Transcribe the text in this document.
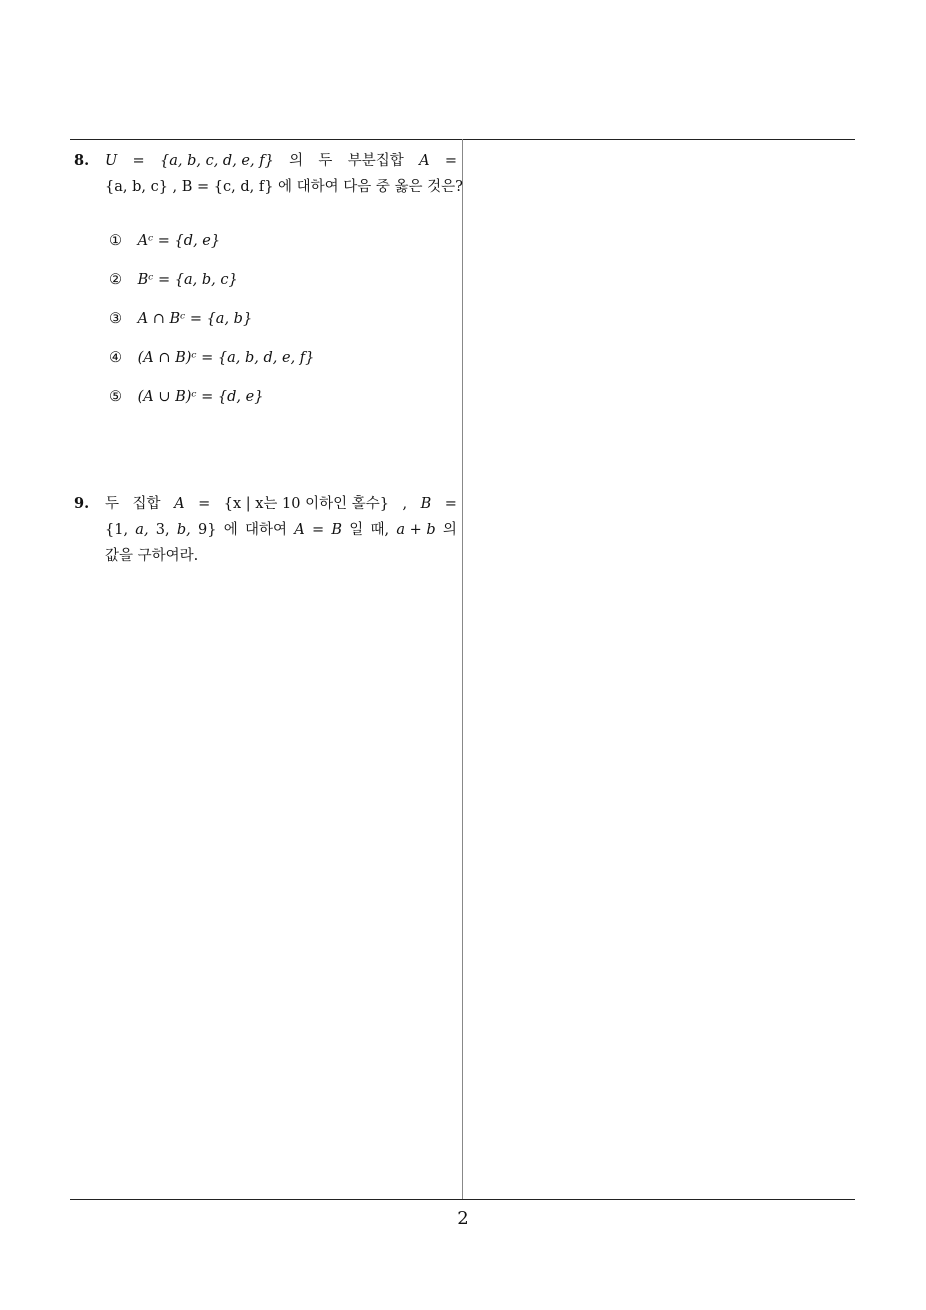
8. U = {a, b, c, d, e, f} 의 두 부분집합 A =
{a, b, c} , B = {c, d, f} 에 대하여 다음 중 옳은 것은?
① Aᶜ = {d, e}
② Bᶜ = {a, b, c}
③ A ∩ Bᶜ = {a, b}
④ (A ∩ B)ᶜ = {a, b, d, e, f}
⑤ (A ∪ B)ᶜ = {d, e}
9. 두 집합 A = {x | x는 10 이하인 홀수} , B =
{1, a, 3, b, 9} 에 대하여 A = B 일 때, a + b 의
값을 구하여라.
2
